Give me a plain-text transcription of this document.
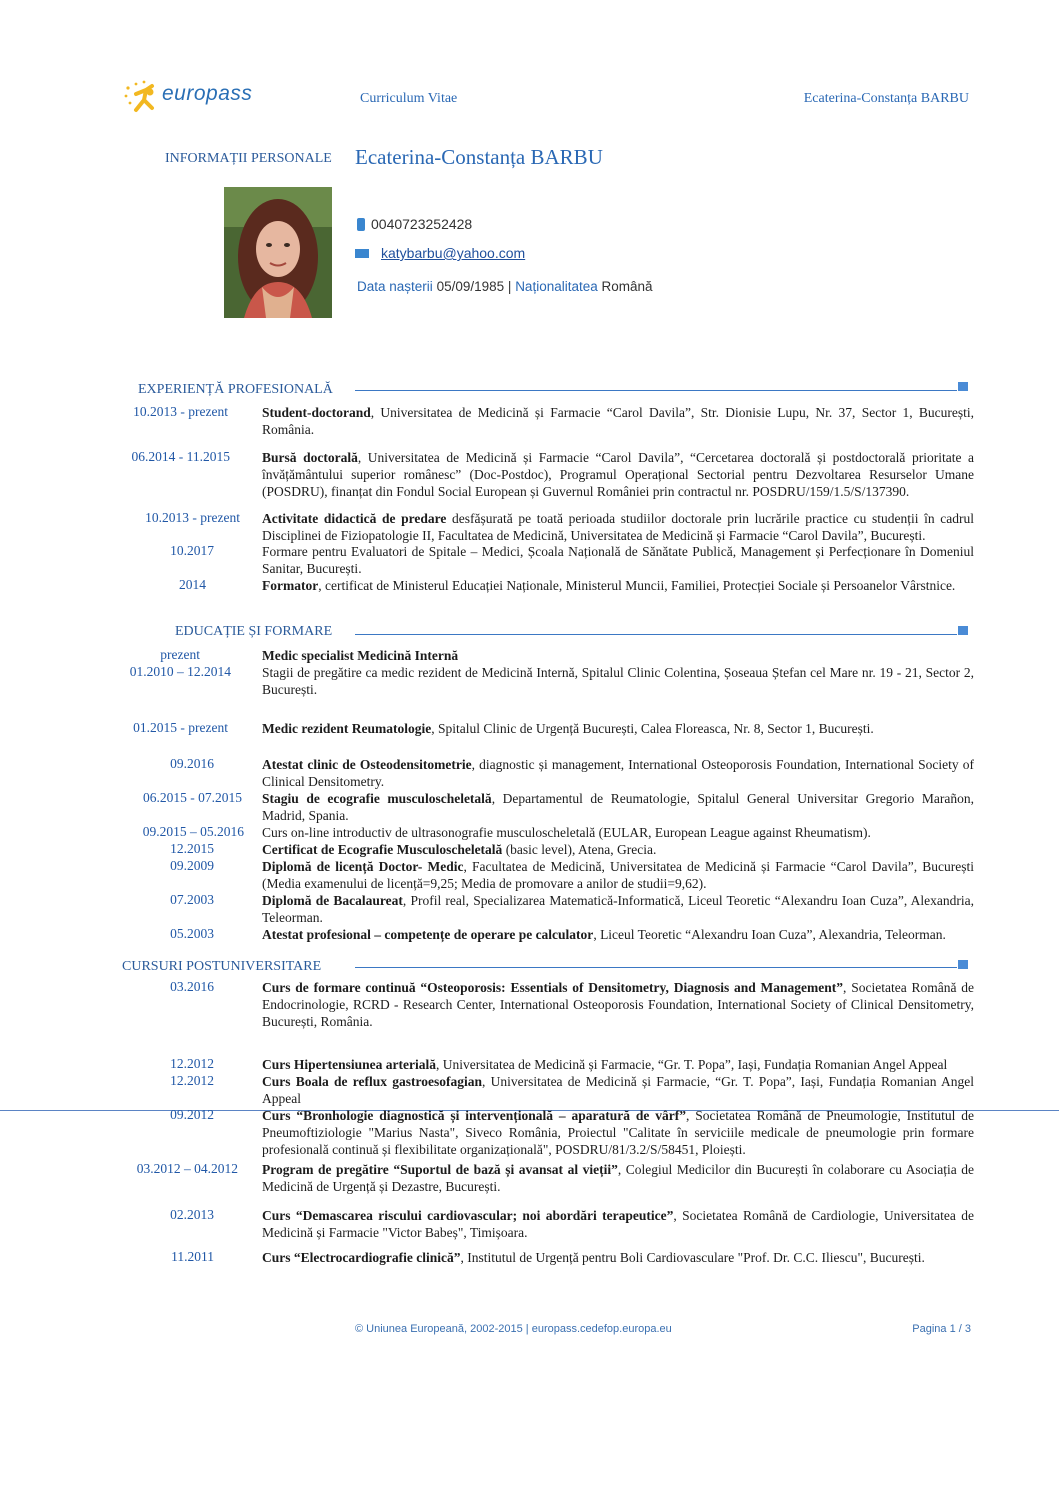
europass	Curriculum Vitae	Ecaterina-Constanța BARBU
INFORMAȚII PERSONALE Ecaterina-Constanța BARBU
0040723252428
katybarbu@yahoo.com
Data nașterii 05/09/1985 | Naționalitatea Română
EXPERIENȚĂ PROFESIONALĂ
EDUCAȚIE ȘI FORMARE
CURSURI POSTUNIVERSITARE
10.2013 - prezent	Student-doctorand, Universitatea de Medicină și Farmacie “Carol Davila”, Str. Dionisie Lupu, Nr. 37, Sector 1, București, România.
06.2014 - 11.2015 Bursă doctorală, Universitatea de Medicină și Farmacie “Carol Davila”, “Cercetarea doctorală și postdoctorală prioritate a învățământului superior românesc” (Doc-Postdoc), Programul Operațional Sectorial pentru Dezvoltarea Resurselor Umane (POSDRU), finanțat din Fondul Social European și Guvernul României prin contractul nr. POSDRU/159/1.5/S/137390.
10.2013 - prezent Activitate didactică de predare desfășurată pe toată perioada studiilor doctorale prin lucrările practice cu studenții în cadrul Disciplinei de Fiziopatologie II, Facultatea de Medicină, Universitatea de Medicină și Farmacie “Carol Davila”, București.
10.2017	Formare pentru Evaluatori de Spitale – Medici, Școala Națională de Sănătate Publică, Management și Perfecționare în Domeniul Sanitar, București.
2014	Formator, certificat de Ministerul Educației Naționale, Ministerul Muncii, Familiei, Protecției Sociale și Persoanelor Vârstnice.
prezent	Medic specialist Medicină Internă
01.2010 – 12.2014 Stagii de pregătire ca medic rezident de Medicină Internă, Spitalul Clinic Colentina, Șoseaua Ștefan cel Mare nr. 19 - 21, Sector 2, București.
01.2015 - prezent	Medic rezident Reumatologie, Spitalul Clinic de Urgență București, Calea Floreasca, Nr. 8, Sector 1, București.
09.2016	Atestat clinic de Osteodensitometrie, diagnostic și management, International Osteoporosis Foundation, International Society of Clinical Densitometry.
06.2015 - 07.2015 Stagiu de ecografie musculoscheletală, Departamentul de Reumatologie, Spitalul General Universitar Gregorio Marañon, Madrid, Spania.
09.2015 – 05.2016 Curs on-line introductiv de ultrasonografie musculoscheletală (EULAR, European League against Rheumatism).
12.2015	Certificat de Ecografie Musculoscheletală (basic level), Atena, Grecia.
09.2009	Diplomă de licență Doctor- Medic, Facultatea de Medicină, Universitatea de Medicină și Farmacie “Carol Davila”, București (Media examenului de licență=9,25; Media de promovare a anilor de studii=9,62).
07.2003	Diplomă de Bacalaureat, Profil real, Specializarea Matematică-Informatică, Liceul Teoretic “Alexandru Ioan Cuza”, Alexandria, Teleorman.
05.2003	Atestat profesional – competențe de operare pe calculator, Liceul Teoretic “Alexandru Ioan Cuza”, Alexandria, Teleorman.
03.2016	Curs de formare continuă “Osteoporosis: Essentials of Densitometry, Diagnosis and Management”, Societatea Română de Endocrinologie, RCRD - Research Center, International Osteoporosis Foundation, International Society of Clinical Densitometry, București, România.
12.2012	Curs Hipertensiunea arterială, Universitatea de Medicină și Farmacie, “Gr. T. Popa”, Iași, Fundația Romanian Angel Appeal
12.2012	Curs Boala de reflux gastroesofagian, Universitatea de Medicină și Farmacie, “Gr. T. Popa”, Iași, Fundația Romanian Angel Appeal
09.2012	Curs “Bronhologie diagnostică și intervențională – aparatură de vârf”, Societatea Română de Pneumologie, Institutul de Pneumoftiziologie "Marius Nasta", Siveco România, Proiectul "Calitate în serviciile medicale de pneumologie prin formare profesională continuă și flexibilitate organizațională", POSDRU/81/3.2/S/58451, Ploiești.
03.2012 – 04.2012 Program de pregătire “Suportul de bază și avansat al vieții”, Colegiul Medicilor din București în colaborare cu Asociația de Medicină de Urgență și Dezastre, București.
02.2013	Curs “Demascarea riscului cardiovascular; noi abordări terapeutice”, Societatea Română de Cardiologie, Universitatea de Medicină și Farmacie "Victor Babeș", Timișoara.
11.2011	Curs “Electrocardiografie clinică”, Institutul de Urgență pentru Boli Cardiovasculare "Prof. Dr. C.C. Iliescu", București.
© Uniunea Europeană, 2002-2015 | europass.cedefop.europa.eu	Pagina 1 / 3
